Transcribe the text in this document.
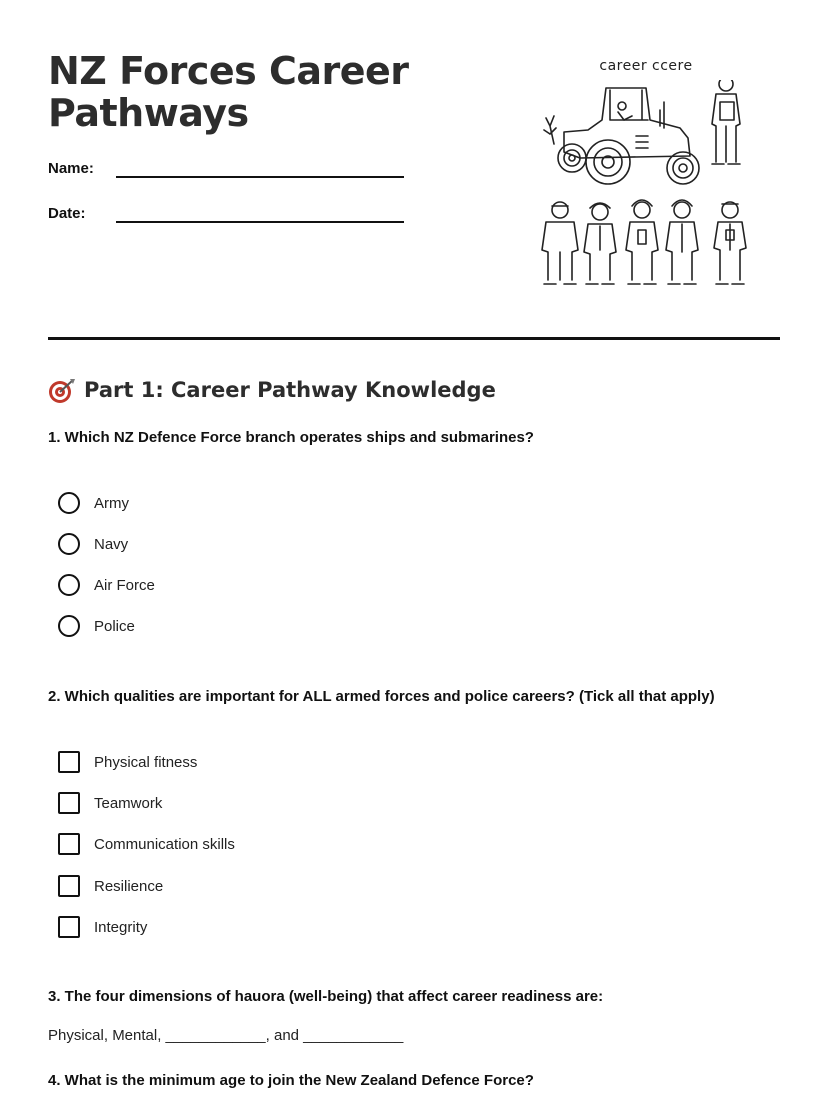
NZ Forces Career
Pathways
Name:
Date:
career ccere
Part 1: Career Pathway Knowledge
1. Which NZ Defence Force branch operates ships and submarines?
Army
Navy
Air Force
Police
2. Which qualities are important for ALL armed forces and police careers? (Tick all that apply)
Physical fitness
Teamwork
Communication skills
Resilience
Integrity
3. The four dimensions of hauora (well-being) that affect career readiness are:
Physical, Mental, ____________, and ____________
4. What is the minimum age to join the New Zealand Defence Force?
